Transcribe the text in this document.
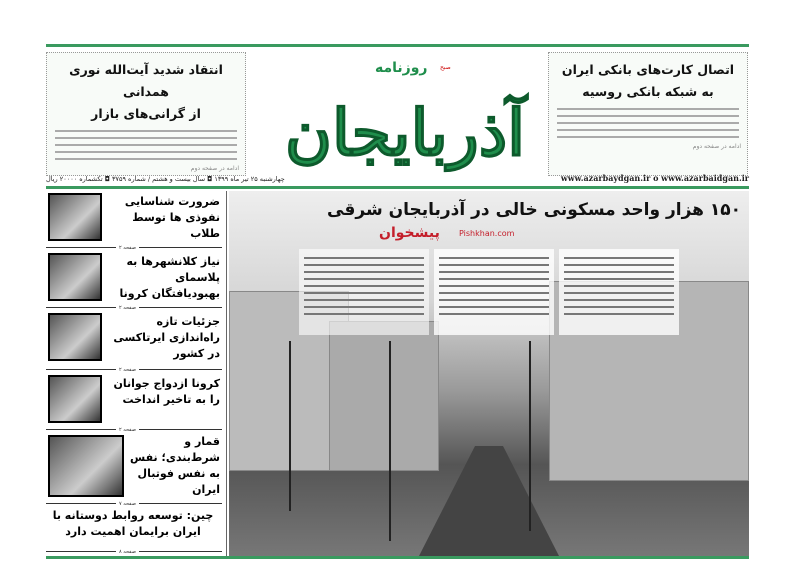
اتصال کارت‌های بانکی ایران
به شبکه بانکی روسیه
ادامه در صفحه دوم
آذربایجان
روزنامه صبح
انتقاد شدید آیت‌الله نوری همدانی
از گرانی‌های بازار
ادامه در صفحه دوم
چهارشنبه ۲۵ تیر ماه ۱۳۹۹ ◘ سال بیست و هشتم / شماره ۳۷۵۹ ◘ تکشماره ۲۰۰۰۰ ریال	www.azarbaydgan.ir o www.azarbaidgan.ir
ضرورت شناسایی نفوذی ها توسط طلاب
صفحه ۲
نیاز کلانشهرها به پلاسمای بهبودیافتگان کرونا
صفحه ۲
جزئیات تازه راه‌اندازی ایرتاکسی در کشور
صفحه ۲
کرونا ازدواج جوانان را به تاخیر انداخت
صفحه ۲
قمار و شرط‌بندی؛ نفس به نفس فوتبال ایران
صفحه ۷
چین: توسعه روابط دوستانه با ایران برایمان اهمیت دارد
صفحه ۸
۱۵۰ هزار واحد مسکونی خالی در آذربایجان شرقی
پیشخوان Pishkhan.com
